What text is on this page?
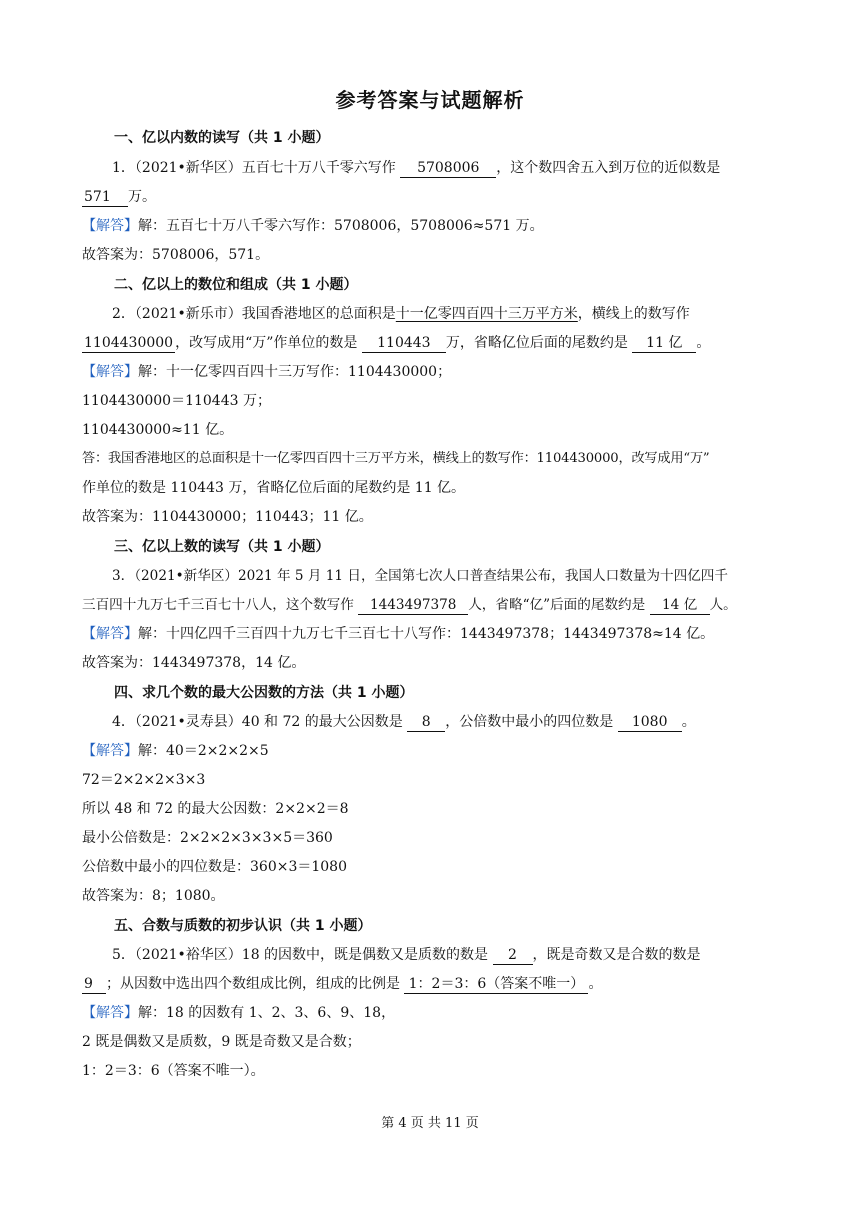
参考答案与试题解析
一、亿以内数的读写（共 1 小题）
1．（2021•新华区）五百七十万八千零六写作 5708006 ，这个数四舍五入到万位的近似数是
571 万。
【解答】解：五百七十万八千零六写作：5708006，5708006≈571 万。
故答案为：5708006，571。
二、亿以上的数位和组成（共 1 小题）
2．（2021•新乐市）我国香港地区的总面积是十一亿零四百四十三万平方米，横线上的数写作
1104430000 ，改写成用“万”作单位的数是 110443 万，省略亿位后面的尾数约是 11 亿 。
【解答】解：十一亿零四百四十三万写作：1104430000；
1104430000＝110443 万；
1104430000≈11 亿。
答：我国香港地区的总面积是十一亿零四百四十三万平方米，横线上的数写作：1104430000，改写成用“万”
作单位的数是 110443 万，省略亿位后面的尾数约是 11 亿。
故答案为：1104430000；110443；11 亿。
三、亿以上数的读写（共 1 小题）
3．（2021•新华区）2021 年 5 月 11 日，全国第七次人口普查结果公布，我国人口数量为十四亿四千
三百四十九万七千三百七十八人，这个数写作 1443497378 人，省略“亿”后面的尾数约是 14 亿 人。
【解答】解：十四亿四千三百四十九万七千三百七十八写作：1443497378；1443497378≈14 亿。
故答案为：1443497378，14 亿。
四、求几个数的最大公因数的方法（共 1 小题）
4．（2021•灵寿县）40 和 72 的最大公因数是 8 ，公倍数中最小的四位数是 1080 。
【解答】解：40＝2×2×2×5
72＝2×2×2×3×3
所以 48 和 72 的最大公因数：2×2×2＝8
最小公倍数是：2×2×2×3×3×5＝360
公倍数中最小的四位数是：360×3＝1080
故答案为：8；1080。
五、合数与质数的初步认识（共 1 小题）
5．（2021•裕华区）18 的因数中，既是偶数又是质数的数是 2 ，既是奇数又是合数的数是
9 ；从因数中选出四个数组成比例，组成的比例是 1：2＝3：6（答案不唯一） 。
【解答】解：18 的因数有 1、2、3、6、9、18，
2 既是偶数又是质数，9 既是奇数又是合数；
1：2＝3：6（答案不唯一）。
第 4 页 共 11 页
